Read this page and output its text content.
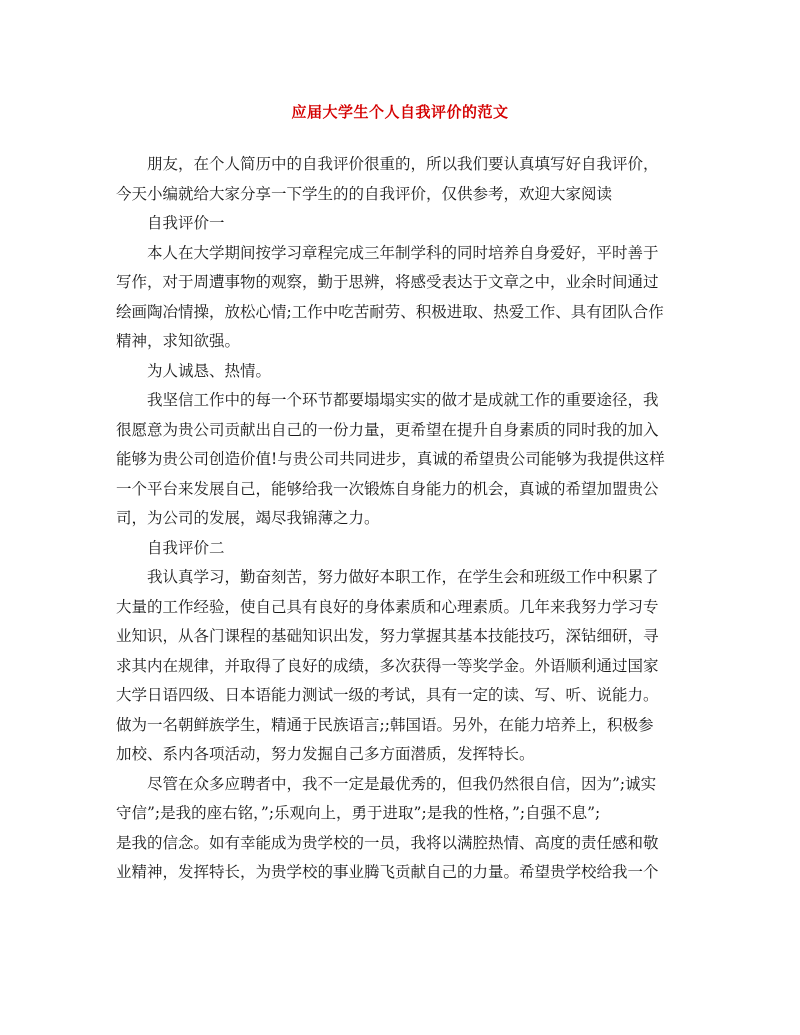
应届大学生个人自我评价的范文
朋友，在个人简历中的自我评价很重的，所以我们要认真填写好自我评价，
今天小编就给大家分享一下学生的的自我评价，仅供参考，欢迎大家阅读
自我评价一
本人在大学期间按学习章程完成三年制学科的同时培养自身爱好，平时善于
写作，对于周遭事物的观察，勤于思辨，将感受表达于文章之中，业余时间通过
绘画陶冶情操，放松心情;工作中吃苦耐劳、积极进取、热爱工作、具有团队合作
精神，求知欲强。
为人诚恳、热情。
我坚信工作中的每一个环节都要塌塌实实的做才是成就工作的重要途径，我
很愿意为贵公司贡献出自己的一份力量，更希望在提升自身素质的同时我的加入
能够为贵公司创造价值!与贵公司共同进步，真诚的希望贵公司能够为我提供这样
一个平台来发展自己，能够给我一次锻炼自身能力的机会，真诚的希望加盟贵公
司，为公司的发展，竭尽我锦薄之力。
自我评价二
我认真学习，勤奋刻苦，努力做好本职工作，在学生会和班级工作中积累了
大量的工作经验，使自己具有良好的身体素质和心理素质。几年来我努力学习专
业知识，从各门课程的基础知识出发，努力掌握其基本技能技巧，深钻细研，寻
求其内在规律，并取得了良好的成绩，多次获得一等奖学金。外语顺利通过国家
大学日语四级、日本语能力测试一级的考试，具有一定的读、写、听、说能力。
做为一名朝鲜族学生，精通于民族语言;;韩国语。另外，在能力培养上，积极参
加校、系内各项活动，努力发掘自己多方面潜质，发挥特长。
尽管在众多应聘者中，我不一定是最优秀的，但我仍然很自信，因为”;诚实
守信”;是我的座右铭，”;乐观向上，勇于进取”;是我的性格，”;自强不息”;
是我的信念。如有幸能成为贵学校的一员，我将以满腔热情、高度的责任感和敬
业精神，发挥特长，为贵学校的事业腾飞贡献自己的力量。希望贵学校给我一个
